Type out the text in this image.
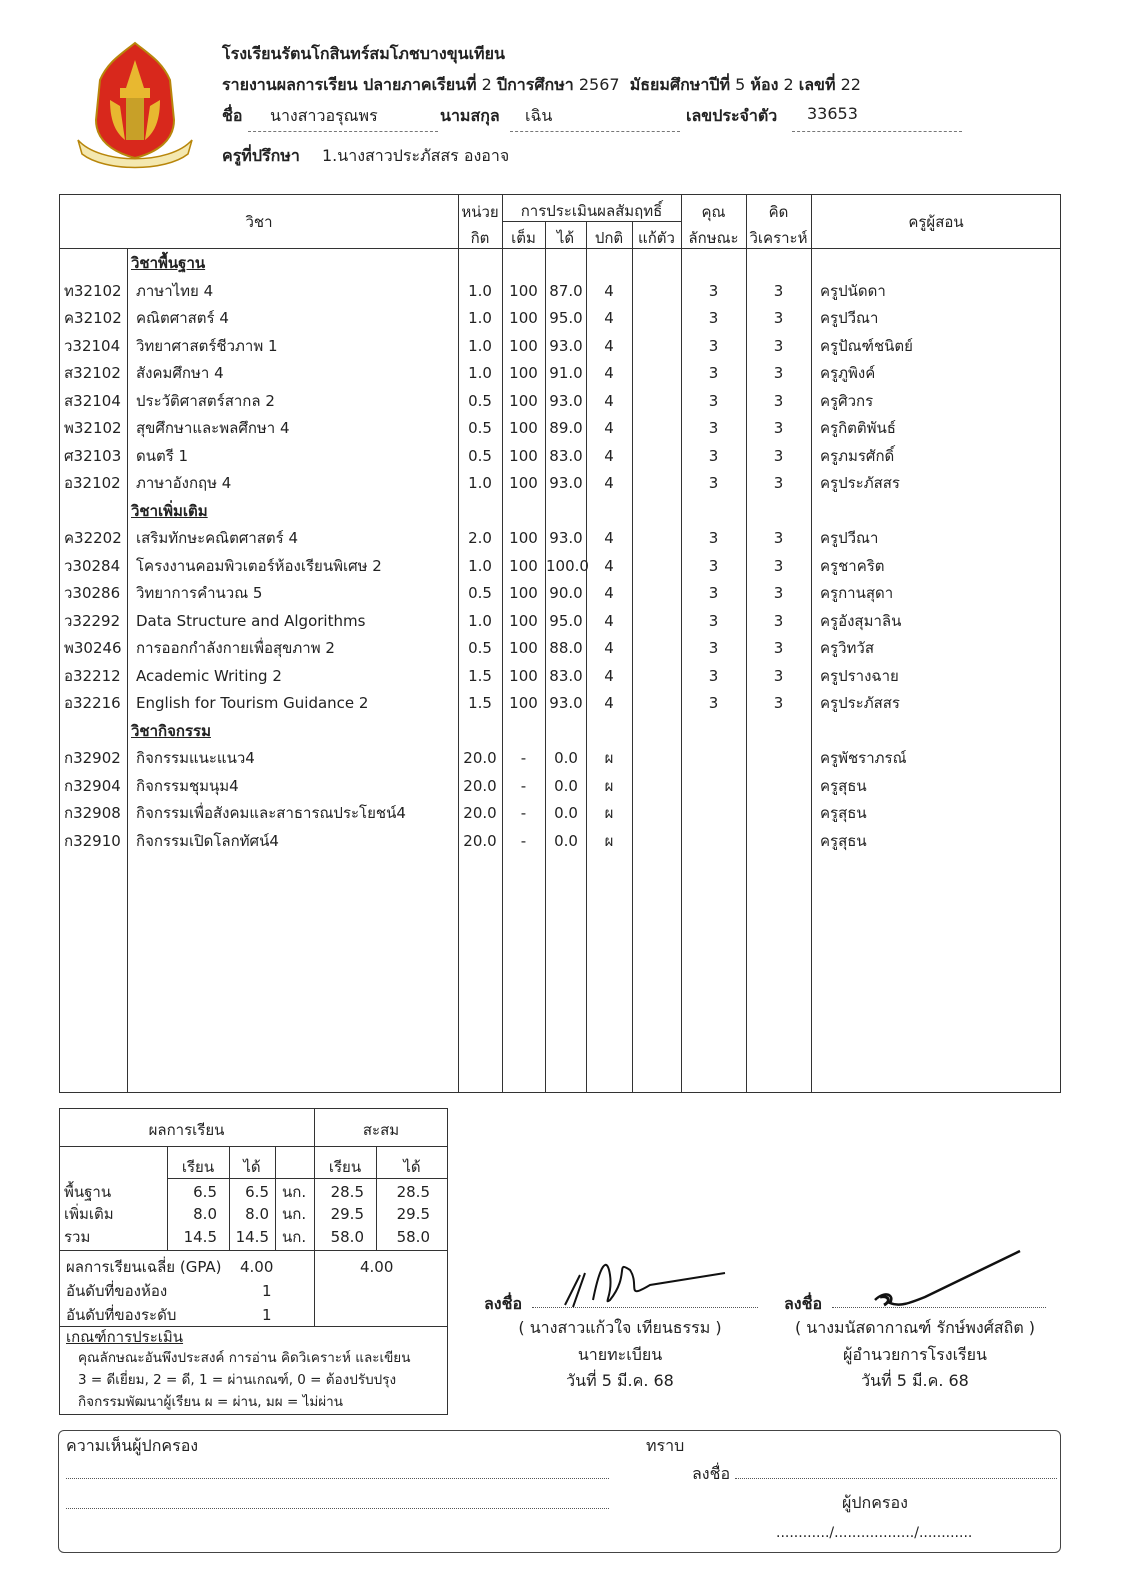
โรงเรียนรัตนโกสินทร์สมโภชบางขุนเทียน
รายงานผลการเรียน ปลายภาคเรียนที่ 2 ปีการศึกษา 2567 มัธยมศึกษาปีที่ 5 ห้อง 2 เลขที่ 22
ชื่อ นางสาวอรุณพร	นามสกุล เฉิน	เลขประจำตัว 33653
ครูที่ปรึกษา 1.นางสาวประภัสสร องอาจ
วิชา
หน่วย
กิต
การประเมินผลสัมฤทธิ์
เต็ม	ได้	ปกติ แก้ตัว
คุณ
ลักษณะ
คิด
วิเคราะห์
ครูผู้สอน
วิชาพื้นฐาน
ท32102 ภาษาไทย 4	1.0	100 87.0	4	3	3	ครูปนัดดา
ค32102 คณิตศาสตร์ 4	1.0	100 95.0	4	3	3	ครูปวีณา
ว32104 วิทยาศาสตร์ชีวภาพ 1	1.0	100 93.0	4	3	3	ครูปัณฑ์ชนิตย์
ส32102 สังคมศึกษา 4	1.0	100 91.0	4	3	3	ครูภูพิงค์
ส32104 ประวัติศาสตร์สากล 2	0.5	100 93.0	4	3	3	ครูศิวกร
พ32102 สุขศึกษาและพลศึกษา 4	0.5	100 89.0	4	3	3	ครูกิตติพันธ์
ศ32103 ดนตรี 1	0.5	100 83.0	4	3	3	ครูภมรศักดิ์
อ32102 ภาษาอังกฤษ 4	1.0	100 93.0	4	3	3	ครูประภัสสร
วิชาเพิ่มเติม
ค32202 เสริมทักษะคณิตศาสตร์ 4	2.0	100 93.0	4	3	3	ครูปวีณา
ว30284 โครงงานคอมพิวเตอร์ห้องเรียนพิเศษ 2	1.0	100 100.0	4	3	3	ครูชาคริต
ว30286 วิทยาการคำนวณ 5	0.5	100 90.0	4	3	3	ครูกานสุดา
ว32292 Data Structure and Algorithms	1.0	100 95.0	4	3	3	ครูอังสุมาลิน
พ30246 การออกกำลังกายเพื่อสุขภาพ 2	0.5	100 88.0	4	3	3	ครูวิทวัส
อ32212 Academic Writing 2	1.5	100 83.0	4	3	3	ครูปรางฉาย
อ32216 English for Tourism Guidance 2	1.5	100 93.0	4	3	3	ครูประภัสสร
วิชากิจกรรม
ก32902 กิจกรรมแนะแนว4	20.0	-	0.0	ผ	ครูพัชราภรณ์
ก32904 กิจกรรมชุมนุม4	20.0	-	0.0	ผ	ครูสุธน
ก32908 กิจกรรมเพื่อสังคมและสาธารณประโยชน์4	20.0	-	0.0	ผ	ครูสุธน
ก32910 กิจกรรมเปิดโลกทัศน์4	20.0	-	0.0	ผ	ครูสุธน
ผลการเรียน	สะสม
เรียน	ได้	เรียน	ได้
พื้นฐาน	6.5	6.5 นก.	28.5	28.5
เพิ่มเติม	8.0	8.0 นก.	29.5	29.5
รวม	14.5	14.5 นก.	58.0	58.0
ผลการเรียนเฉลี่ย (GPA) 4.00	4.00
อันดับที่ของห้อง	1
อันดับที่ของระดับ	1
เกณฑ์การประเมิน
คุณลักษณะอันพึงประสงค์ การอ่าน คิดวิเคราะห์ และเขียน
3 = ดีเยี่ยม, 2 = ดี, 1 = ผ่านเกณฑ์, 0 = ต้องปรับปรุง
กิจกรรมพัฒนาผู้เรียน ผ = ผ่าน, มผ = ไม่ผ่าน
ลงชื่อ
( นางสาวแก้วใจ เทียนธรรม )
นายทะเบียน
วันที่ 5 มี.ค. 68
ลงชื่อ
( นางมนัสดากาณฑ์ รักษ์พงศ์สถิต )
ผู้อำนวยการโรงเรียน
วันที่ 5 มี.ค. 68
ความเห็นผู้ปกครอง	ทราบ
ลงชื่อ
ผู้ปกครอง
............/................../............
